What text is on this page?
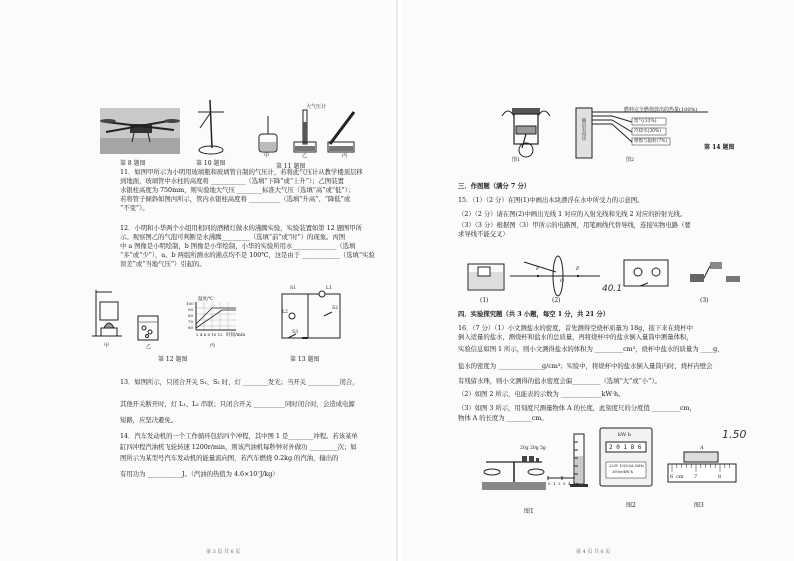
第 8 题图	第 10 题图
大气压计
甲	乙	丙
第 11 题图
11．如图甲所示为小明用玻璃瓶和玻璃管自制的气压计，若将此气压计从教学楼顶层移
到地面，玻璃管中水柱的高度将 ___________（选填“下降”或“上升”）；乙图装置
水银柱高度为 750mm，则实验地大气压 ________标准大气压（选填“高”或“低”）；
若将管子倾斜如图丙所示，管内水银柱高度将 __________（选填“升高”、“降低”或
“不变”）。
12．小明和小华两个小组用相同的酒精灯做水的沸腾实验，实验装置如第 12 题图甲所
示。观察图乙的气泡可判断是水沸腾_________（选填“前”或“时”）的现象。丙图
中 a 图像是小明绘制，b 图像是小华绘制，小华的实验所用水______________（选填
“多”或“少”），a、b 两组所测水的沸点均不是 100℃，这是由于 ____________（选填“实验
误差”或“当地气压”）引起的。
甲	乙
温度/℃
100
90
80
70
60
2 4 6 8 10 12 时间/min
丙
第 12 题图
S1	L1
L2
S2
S3
第 13 题图
13．如图所示，只闭合开关 S₁、S₂ 时，灯 ________发光；当开关 __________闭合，
其他开关断开时，灯 L₁、L₂ 串联；只闭合开关 __________同时闭合时，会造成电源
短路，应坚决避免。
14．汽车发动机的一个工作循环包括四个冲程，其中图 1 是________冲程。若该某单
缸四冲程汽油机飞轮转速 1200r/min，则该汽油机每秒钟对外做功 _________次；如
图所示为某型号汽车发动机的能量流向图，若汽车燃烧 0.2kg 的汽油，输出的
有用功为 ___________J。（汽油的热值为 4.6×10⁷J/kg）
第 3 页 共 6 页
图1
燃料完全燃烧放出的热量(100%)
废气(33%)
冷却水(30%)
摩擦与辐射(7%)
输出有用功
图2
第 14 题图
三．作图题（满分 7 分）
15．（1）（2 分）在图(1)中画出木块漂浮在水中所受力的示意图。
（2）（2 分）请在图(2)中画出光线 1 对应的入射光线和光线 2 对应的折射光线。
（3）（3 分）根据图（3）甲所示的电路图，用笔画线代替导线，连接实物电路（要
求导线不能交叉）
(1)
F
O
F
(2)
40.1
(3)
四．实验探究题（共 3 小题，每空 1 分，共 21 分）
16．（7 分）（1）小文测盐水的密度，首先测得空烧杯质量为 18g，接下来在烧杯中
倒入适量的盐水，测烧杯和盐水的总质量，再将烧杯中的盐水倒入量筒中测量体积，
实验信息如图 1 所示，则小文测得盐水的体积为 _________cm³，烧杯中盐水的质量为 ____g，
盐水的密度为 ______________g/cm³；实验中，将烧杯中的盐水倒入量筒内时，烧杯内壁会
有残留水珠，则小文测得的盐水密度会偏_________（选填“大”或“小”）。
（2）如图 2 所示，电能表的示数为 _____________kW·h。
（3）如图 3 所示，用刻度尺测量物体 A 的长度，此刻度尺的分度值 _________cm，
物体 A 的长度为 ________cm。
1.50
20g 20g 5g
0 1 2 3 4 5g
图1
kW·h
2 0 1 8 6
220V 10(20)A 50Hz
3000r/kW·h
图2
A
6 cm 7	8
图3
第 4 页 共 6 页
